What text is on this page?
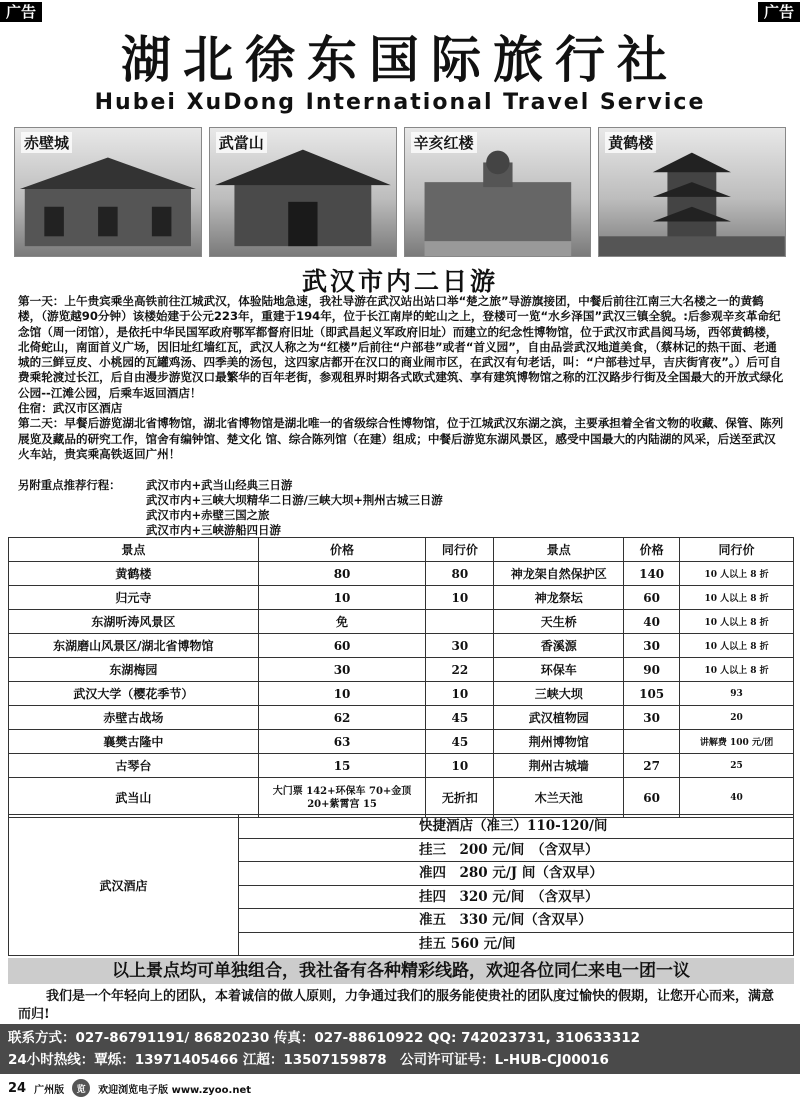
广告	广告
湖北徐东国际旅行社
Hubei XuDong International Travel Service
赤壁城	武當山	辛亥红楼	黄鹤楼
武汉市内二日游

第一天：上午贵宾乘坐高铁前往江城武汉，体验陆地急速，我社导游在武汉站出站口举“楚之旅”导游旗接团，中餐后前往江南三大名楼之一的黄鹤楼，（游览越90分钟）该楼始建于公元223年，重建于194年，位于长江南岸的蛇山之上，登楼可一览“水乡泽国”武汉三镇全貌。:后参观辛亥革命纪念馆（周一闭馆），是依托中华民国军政府鄂军都督府旧址（即武昌起义军政府旧址）而建立的纪念性博物馆，位于武汉市武昌阅马场，西邻黄鹤楼，北倚蛇山，南面首义广场，因旧址红墙红瓦，武汉人称之为“红楼”后前往“户部巷”或者“首义园”，自由品尝武汉地道美食，（蔡林记的热干面、老通城的三鲜豆皮、小桃园的瓦罐鸡汤、四季美的汤包，这四家店都开在汉口的商业闹市区，在武汉有句老话，叫：“户部巷过早，吉庆街宵夜”。）后可自费乘轮渡过长江，后自由漫步游览汉口最繁华的百年老街，参观租界时期各式欧式建筑、享有建筑博物馆之称的江汉路步行街及全国最大的开放式绿化公园--江滩公园，后乘车返回酒店！

住宿：武汉市区酒店

第二天：早餐后游览湖北省博物馆，湖北省博物馆是湖北唯一的省级综合性博物馆，位于江城武汉东湖之滨，主要承担着全省文物的收藏、保管、陈列展览及藏品的研究工作，馆舍有编钟馆、楚文化 馆、综合陈列馆（在建）组成；中餐后游览东湖风景区，感受中国最大的内陆湖的风采，后送至武汉火车站，贵宾乘高铁返回广州！

另附重点推荐行程：	武汉市内+武当山经典三日游
武汉市内+三峡大坝精华二日游/三峡大坝+荆州古城三日游
武汉市内+赤壁三国之旅
武汉市内+三峡游船四日游
景点	价格	同行价	景点	价格	同行价
黄鹤楼	80	80	神龙架自然保护区	140	10 人以上 8 折
归元寺	10	10	神龙祭坛	60	10 人以上 8 折
东湖听涛风景区	免		天生桥	40	10 人以上 8 折
东湖磨山风景区/湖北省博物馆	60	30	香溪源	30	10 人以上 8 折
东湖梅园	30	22	环保车	90	10 人以上 8 折
武汉大学（樱花季节）	10	10	三峡大坝	105	93
赤壁古战场	62	45	武汉植物园	30	20
襄樊古隆中	63	45	荆州博物馆		讲解费 100 元/团
古琴台	15	10	荆州古城墙	27	25
武当山	大门票 142+环保车 70+金顶 20+紫霄宫 15	无折扣	木兰天池	60	40
武汉酒店
快捷酒店（准三）110-120/间
挂三　200 元/间　（含双早）
准四　280 元/J 间（含双早）
挂四　320 元/间　（含双早）
准五　330 元/间（含双早）
挂五 560 元/间
以上景点均可单独组合，我社备有各种精彩线路，欢迎各位同仁来电一团一议
我们是一个年轻向上的团队，本着诚信的做人原则，力争通过我们的服务能使贵社的团队度过愉快的假期，让您开心而来，满意而归!
联系方式：027-86791191/ 86820230 传真：027-88610922 QQ: 742023731, 310633312
24小时热线：覃烁：13971405466 江超：13507159878　公司许可证号：L-HUB-CJ00016
24 广州版	览	欢迎浏览电子版 www.zyoo.net
